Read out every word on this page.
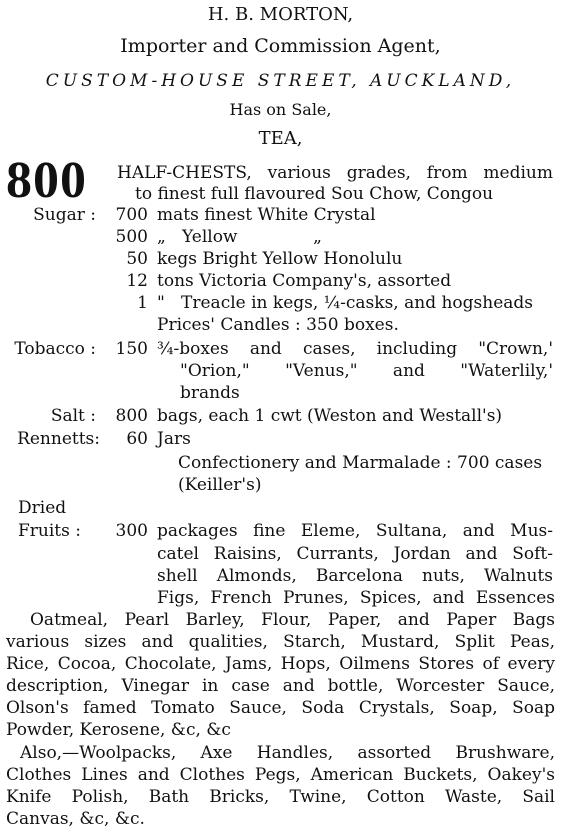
H. B. MORTON,
Importer and Commission Agent,
CUSTOM-HOUSE STREET, AUCKLAND,
Has on Sale,
TEA,
800 HALF-CHESTS, various grades, from medium
to finest full flavoured Sou Chow, Congou
Sugar :	700 mats finest White Crystal
500 „   Yellow              „
50 kegs Bright Yellow Honolulu
12 tons Victoria Company's, assorted
1 "   Treacle in kegs, ¼-casks, and hogsheads
Prices' Candles : 350 boxes.
Tobacco :	150 ¾-boxes and cases, including "Crown,'
"Orion," "Venus," and "Waterlily,'
brands
Salt :	800 bags, each 1 cwt (Weston and Westall's)
Rennetts:	60 Jars
Confectionery and Marmalade : 700 cases
(Keiller's)
Dried
Fruits :	300 packages fine Eleme, Sultana, and Mus-
catel Raisins, Currants, Jordan and Soft-
shell Almonds, Barcelona nuts, Walnuts
Figs, French Prunes, Spices, and Essences
Oatmeal, Pearl Barley, Flour, Paper, and Paper Bags
various sizes and qualities, Starch, Mustard, Split Peas,
Rice, Cocoa, Chocolate, Jams, Hops, Oilmens Stores of every
description, Vinegar in case and bottle, Worcester Sauce,
Olson's famed Tomato Sauce, Soda Crystals, Soap, Soap
Powder, Kerosene, &c, &c
Also,—Woolpacks, Axe Handles, assorted Brushware,
Clothes Lines and Clothes Pegs, American Buckets, Oakey's
Knife Polish, Bath Bricks, Twine, Cotton Waste, Sail
Canvas, &c, &c.
